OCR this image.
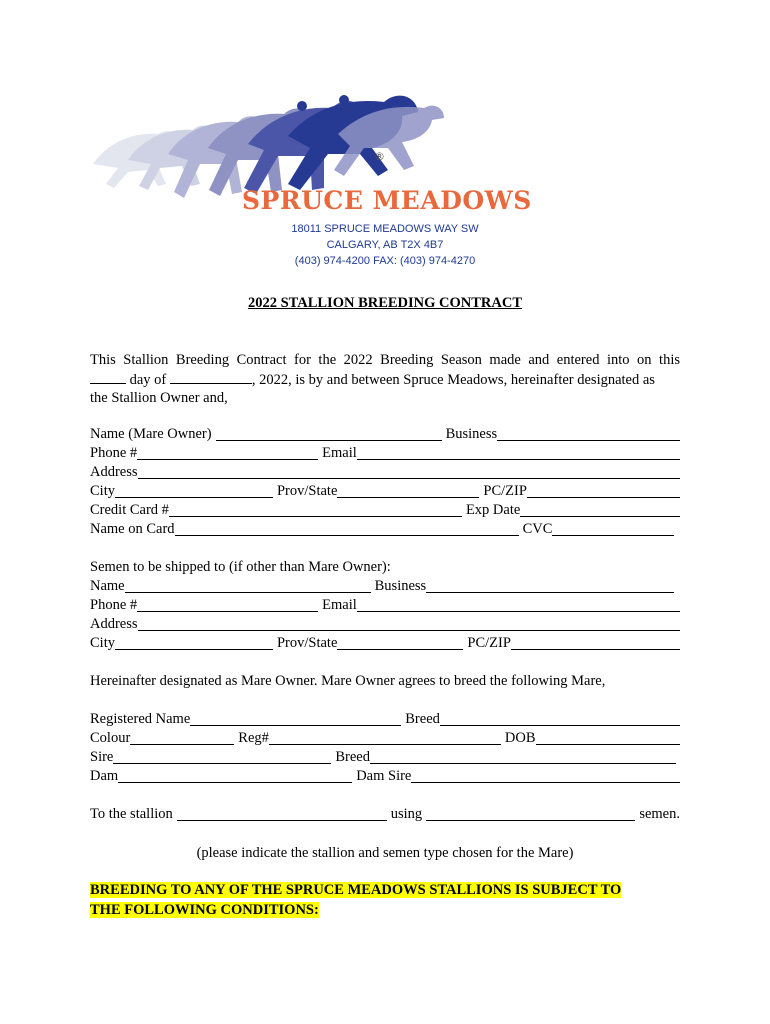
®
SPRUCE MEADOWS
18011 SPRUCE MEADOWS WAY SW
CALGARY, AB T2X 4B7
(403) 974-4200 FAX: (403) 974-4270
2022 STALLION BREEDING CONTRACT
This Stallion Breeding Contract for the 2022 Breeding Season made and entered into on this
day of	, 2022, is by and between Spruce Meadows, hereinafter designated as
the Stallion Owner and,
Name (Mare Owner)	Business
Phone #	Email
Address
City	Prov/State	PC/ZIP
Credit Card #	Exp Date
Name on Card	CVC
Semen to be shipped to (if other than Mare Owner):
Name	Business
Phone #	Email
Address
City	Prov/State	PC/ZIP
Hereinafter designated as Mare Owner. Mare Owner agrees to breed the following Mare,
Registered Name	Breed
Colour	Reg#	DOB
Sire	Breed
Dam	Dam Sire
To the stallion	using	semen.
(please indicate the stallion and semen type chosen for the Mare)
BREEDING TO ANY OF THE SPRUCE MEADOWS STALLIONS IS SUBJECT TO
THE FOLLOWING CONDITIONS:
